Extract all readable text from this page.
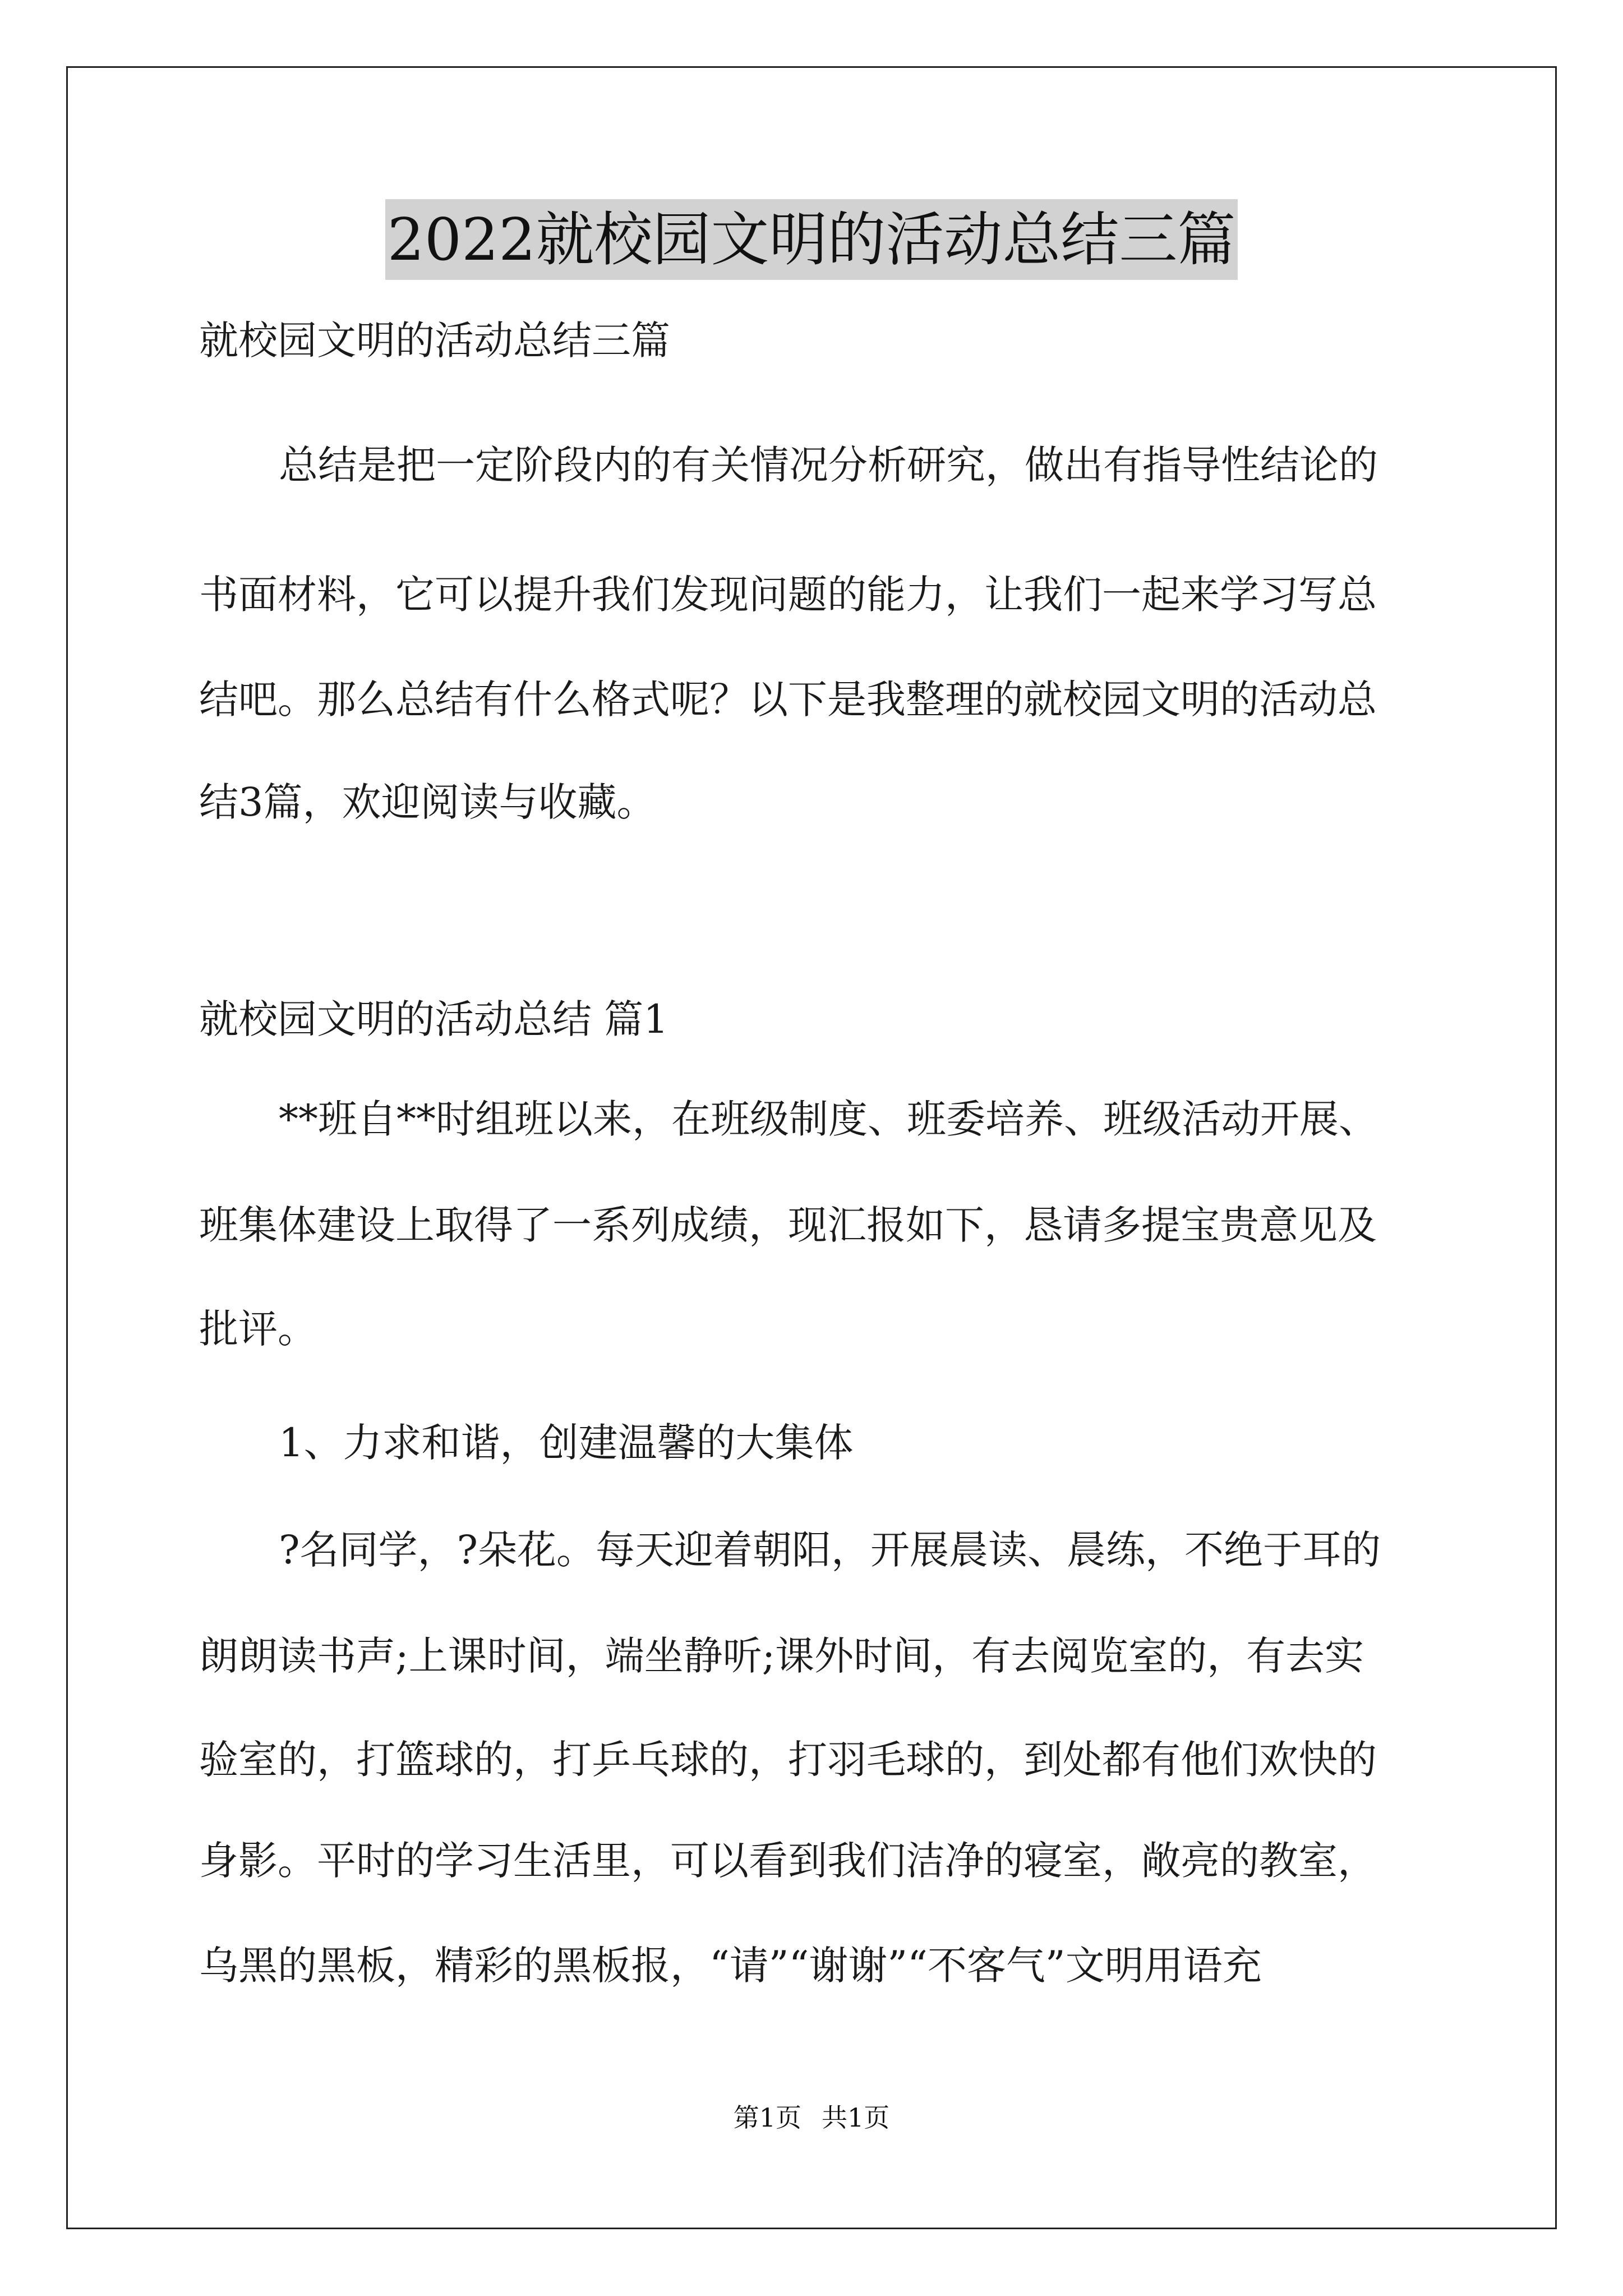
2022就校园文明的活动总结三篇

就校园文明的活动总结三篇

总结是把一定阶段内的有关情况分析研究，做出有指导性结论的

书面材料，它可以提升我们发现问题的能力，让我们一起来学习写总

结吧。那么总结有什么格式呢？以下是我整理的就校园文明的活动总

结3篇，欢迎阅读与收藏。

就校园文明的活动总结 篇1

**班自**时组班以来，在班级制度、班委培养、班级活动开展、

班集体建设上取得了一系列成绩，现汇报如下，恳请多提宝贵意见及

批评。

1、力求和谐，创建温馨的大集体

?名同学，?朵花。每天迎着朝阳，开展晨读、晨练，不绝于耳的

朗朗读书声;上课时间，端坐静听;课外时间，有去阅览室的，有去实

验室的，打篮球的，打乒乓球的，打羽毛球的，到处都有他们欢快的

身影。平时的学习生活里，可以看到我们洁净的寝室，敞亮的教室，

乌黑的黑板，精彩的黑板报，“请”“谢谢”“不客气”文明用语充

第1页 共1页
